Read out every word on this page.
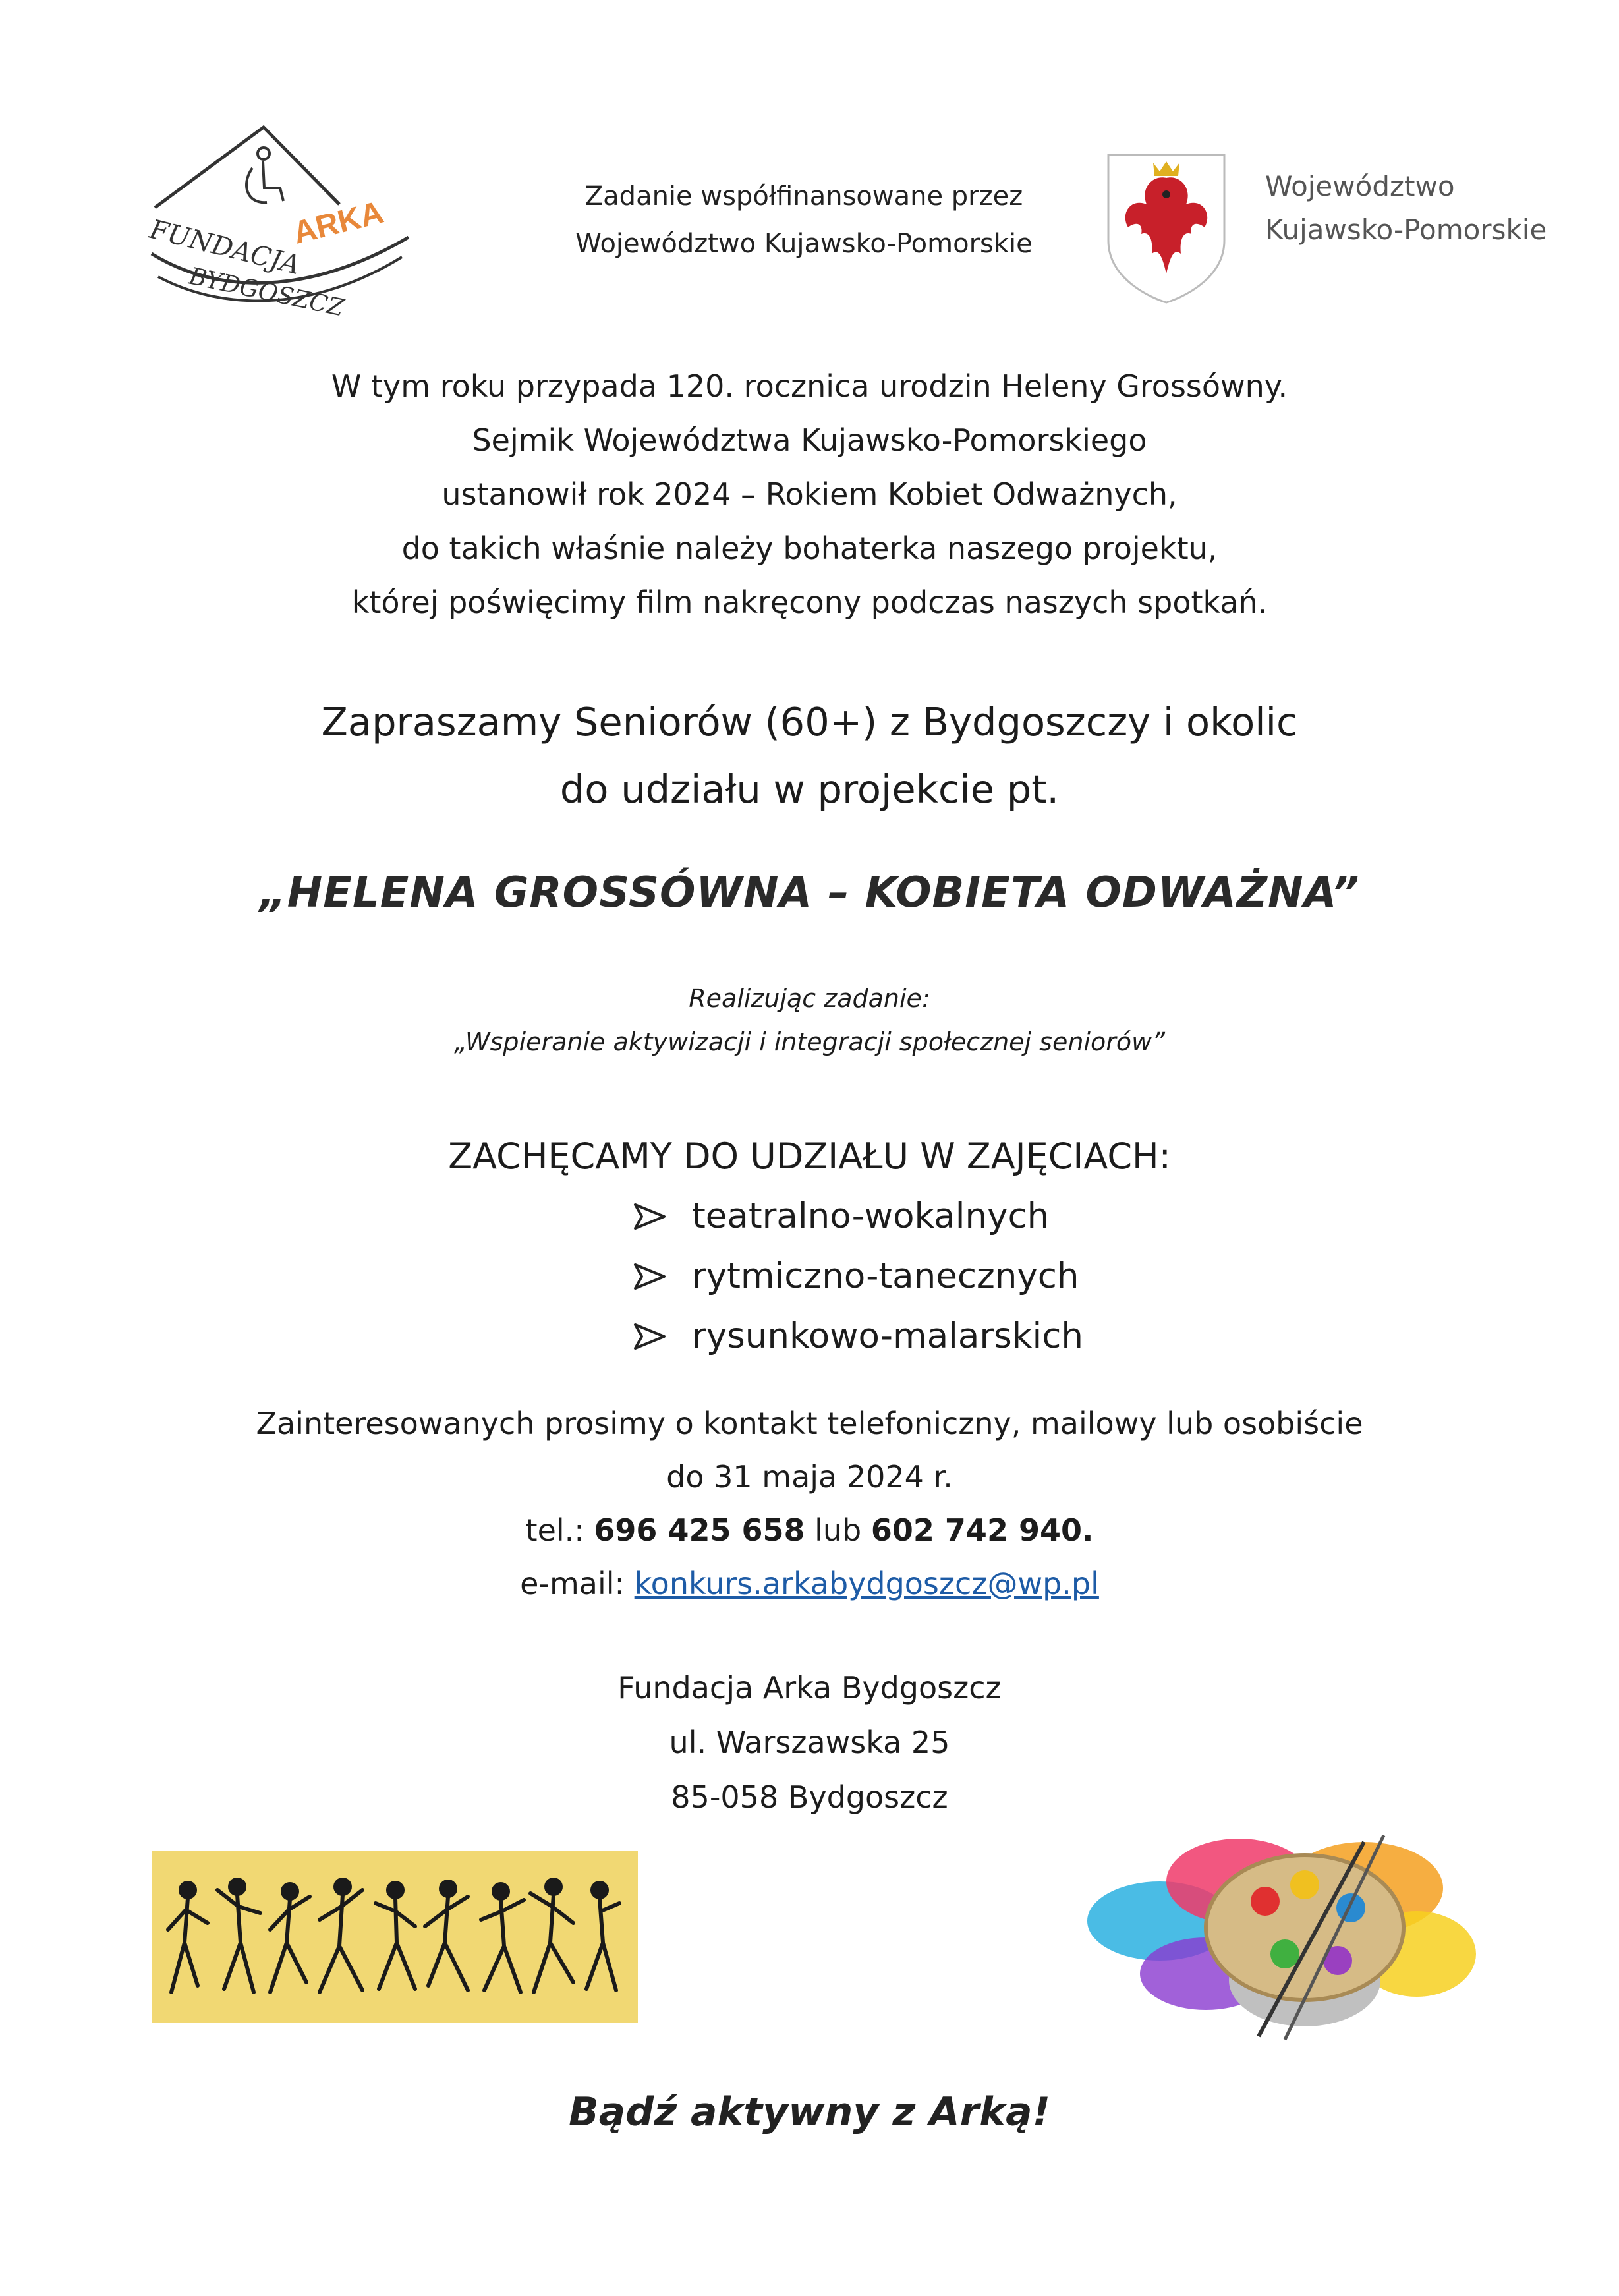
FUNDACJA
ARKA
BYDGOSZCZ
Zadanie współfinansowane przez
Województwo Kujawsko-Pomorskie
Województwo
Kujawsko-Pomorskie
W tym roku przypada 120. rocznica urodzin Heleny Grossówny.
Sejmik Województwa Kujawsko-Pomorskiego
ustanowił rok 2024 – Rokiem Kobiet Odważnych,
do takich właśnie należy bohaterka naszego projektu,
której poświęcimy film nakręcony podczas naszych spotkań.
Zapraszamy Seniorów (60+) z Bydgoszczy i okolic
do udziału w projekcie pt.
„HELENA GROSSÓWNA – KOBIETA ODWAŻNA”
Realizując zadanie:
„Wspieranie aktywizacji i integracji społecznej seniorów”
ZACHĘCAMY DO UDZIAŁU W ZAJĘCIACH:
teatralno-wokalnych
rytmiczno-tanecznych
rysunkowo-malarskich
Zainteresowanych prosimy o kontakt telefoniczny, mailowy lub osobiście
do 31 maja 2024 r.
tel.: 696 425 658 lub 602 742 940.
e-mail: konkurs.arkabydgoszcz@wp.pl
Fundacja Arka Bydgoszcz
ul. Warszawska 25
85-058 Bydgoszcz
Bądź aktywny z Arką!
